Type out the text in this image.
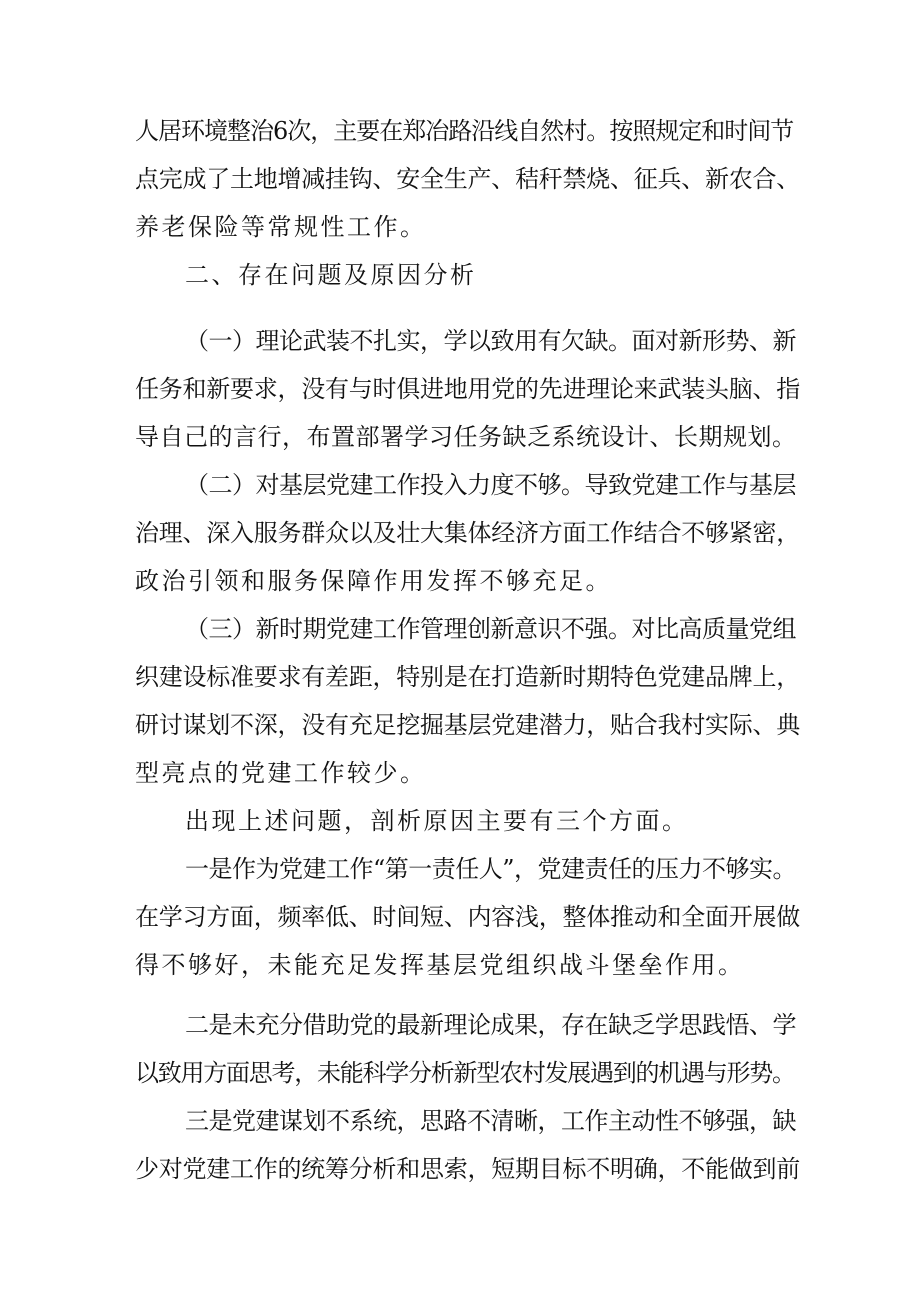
人居环境整治6次，主要在郑冶路沿线自然村。按照规定和时间节
点完成了土地增减挂钩、安全生产、秸秆禁烧、征兵、新农合、
养老保险等常规性工作。
二、存在问题及原因分析
（一）理论武装不扎实，学以致用有欠缺。面对新形势、新
任务和新要求，没有与时俱进地用党的先进理论来武装头脑、指
导自己的言行，布置部署学习任务缺乏系统设计、长期规划。
（二）对基层党建工作投入力度不够。导致党建工作与基层
治理、深入服务群众以及壮大集体经济方面工作结合不够紧密，
政治引领和服务保障作用发挥不够充足。
（三）新时期党建工作管理创新意识不强。对比高质量党组
织建设标准要求有差距，特别是在打造新时期特色党建品牌上，
研讨谋划不深，没有充足挖掘基层党建潜力，贴合我村实际、典
型亮点的党建工作较少。
出现上述问题，剖析原因主要有三个方面。
一是作为党建工作“第一责任人”，党建责任的压力不够实。
在学习方面，频率低、时间短、内容浅，整体推动和全面开展做
得不够好，未能充足发挥基层党组织战斗堡垒作用。
二是未充分借助党的最新理论成果，存在缺乏学思践悟、学
以致用方面思考，未能科学分析新型农村发展遇到的机遇与形势。
三是党建谋划不系统，思路不清晰，工作主动性不够强，缺
少对党建工作的统筹分析和思索，短期目标不明确，不能做到前
